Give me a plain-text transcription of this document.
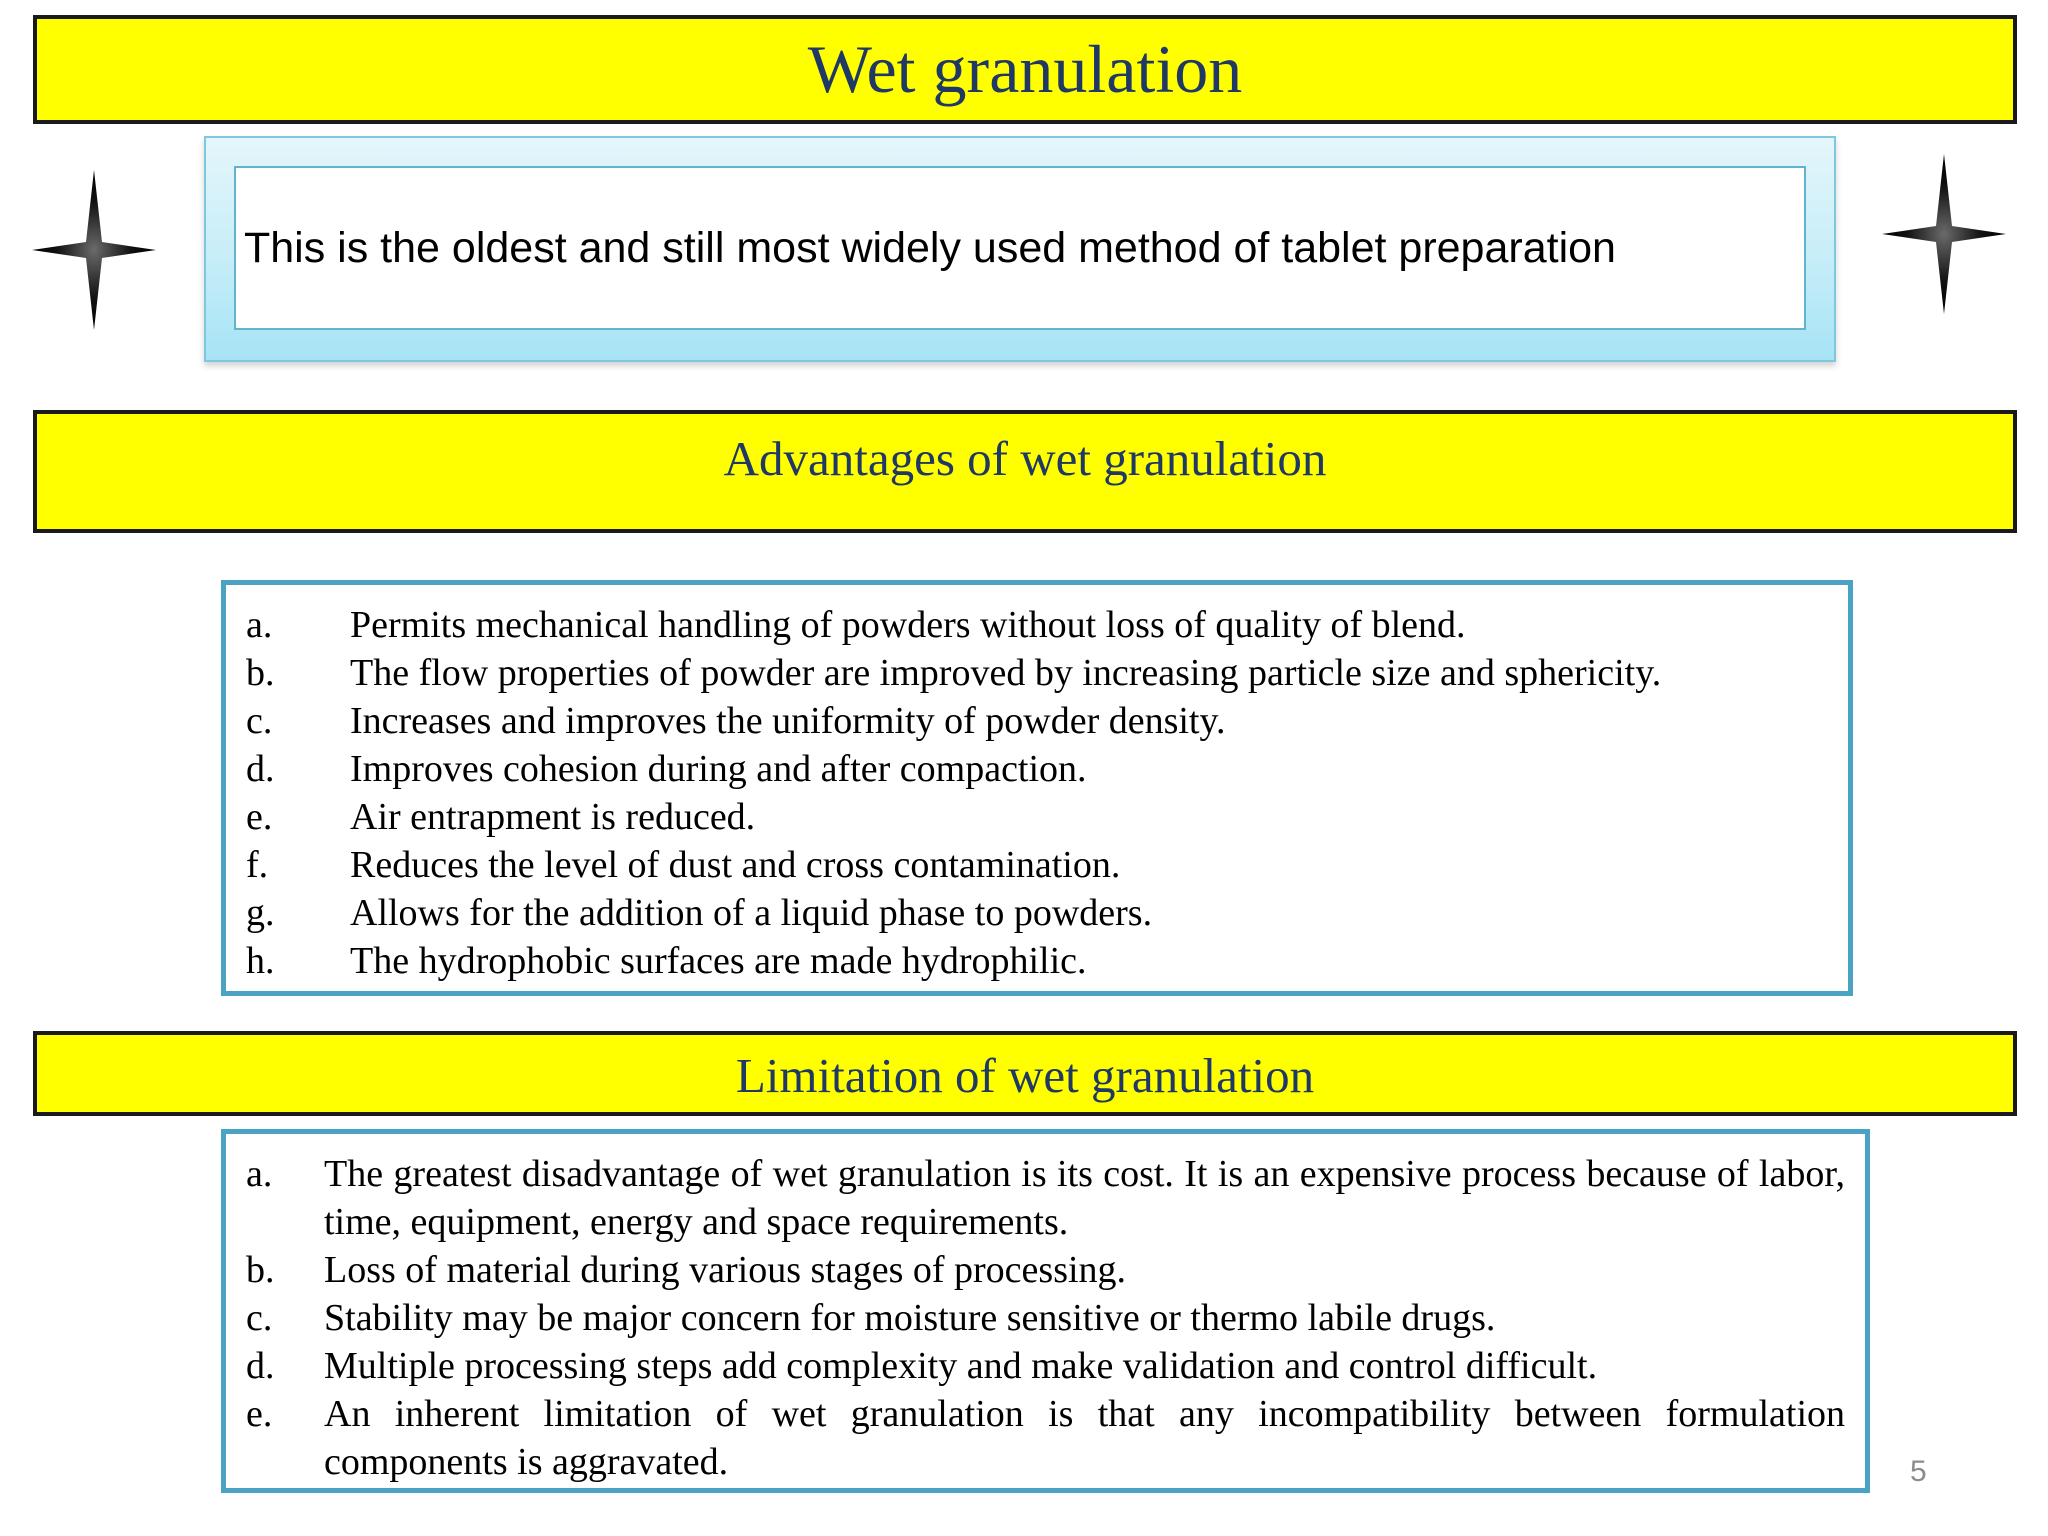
Wet granulation
This is the oldest and still most widely used method of tablet preparation
Advantages of wet granulation
a.	Permits mechanical handling of powders without loss of quality of blend.
b.	The flow properties of powder are improved by increasing particle size and sphericity.
c.	Increases and improves the uniformity of powder density.
d.	Improves cohesion during and after compaction.
e.	Air entrapment is reduced.
f.	Reduces the level of dust and cross contamination.
g.	Allows for the addition of a liquid phase to powders.
h.	The hydrophobic surfaces are made hydrophilic.
Limitation of wet granulation
a.	The greatest disadvantage of wet granulation is its cost. It is an expensive process because of labor, time, equipment, energy and space requirements.
b.	Loss of material during various stages of processing.
c.	Stability may be major concern for moisture sensitive or thermo labile drugs.
d.	Multiple processing steps add complexity and make validation and control difficult.
e.	An inherent limitation of wet granulation is that any incompatibility between formulation components is aggravated.	5
